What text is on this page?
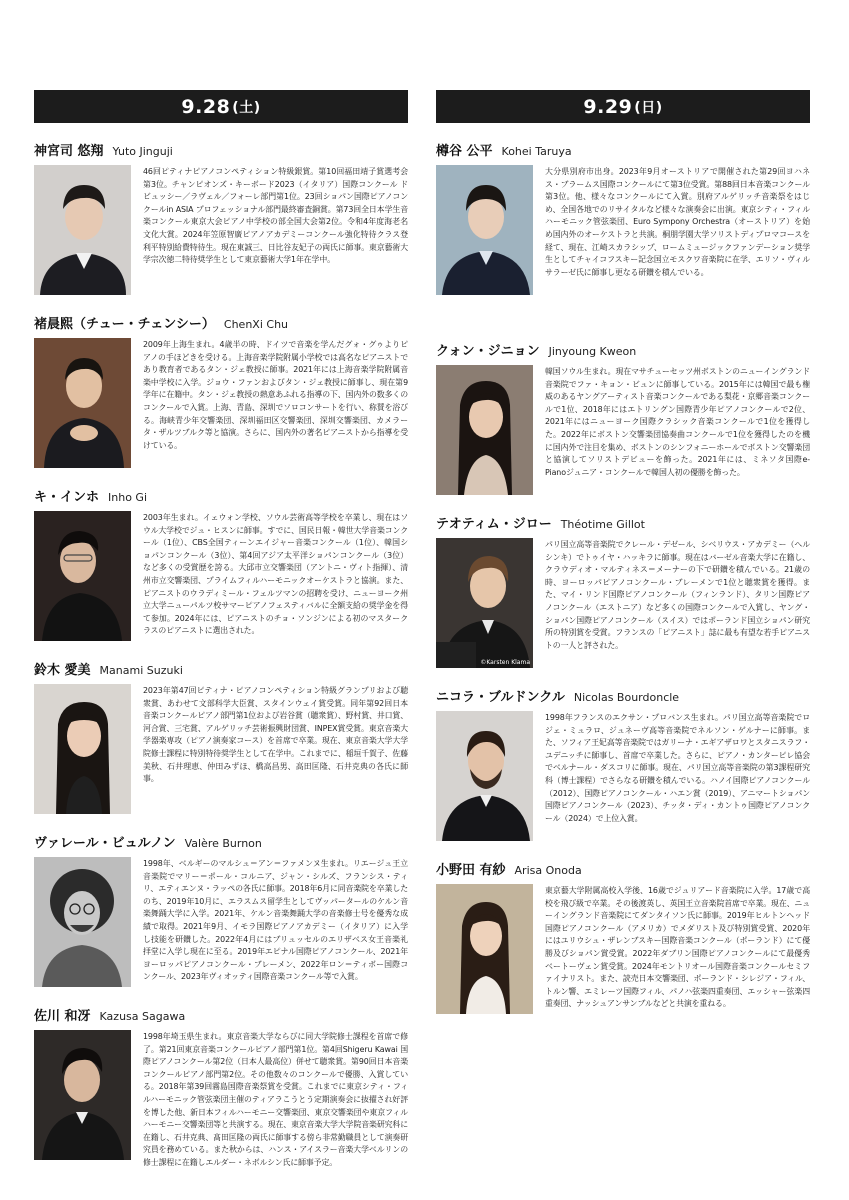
9.28 (土)
神宮司 悠翔 Yuto Jinguji
46回ピティナピアノコンペティション特級銀賞。第10回福田靖子賞選考会第3位。チャンピオンズ・キーボード2023（イタリア）国際コンクール ドビュッシー／ラヴェル／フォーレ部門第1位。23回ショパン国際ピアノコンクールin ASIA プロフェッショナル部門最終審査銅賞。第73回全日本学生音楽コンクール東京大会ピアノ中学校の部全国大会第2位。令和4年度海老名文化大賞。2024年笠原智廣ピアノアカデミーコンクール強化特待クラス登利平特別給費特待生。現在東誠三、日比谷友妃子の両氏に師事。東京藝術大学宗次徳二特待奨学生として東京藝術大学1年在学中。
褚晨熙（チュー・チェンシー） ChenXi Chu
2009年上海生まれ。4歳半の時、ドイツで音楽を学んだグォ・グゥよりピアノの手ほどきを受ける。上海音楽学院附属小学校では高名なピアニストであり教育者であるタン・ジェ教授に師事。2021年には上海音楽学院附属音楽中学校に入学。ジョウ・ファンおよびタン・ジェ教授に師事し、現在第9学年に在籍中。タン・ジェ教授の熱意あふれる指導の下、国内外の数多くのコンクールで入賞。上海、青島、深圳でソロコンサートを行い、称賛を浴びる。海峡青少年交響楽団、深圳福田区交響楽団、深圳交響楽団、カメラータ・ザルツブルク等と協演。さらに、国内外の著名ピアニストから指導を受けている。
キ・インホ Inho Gi
2003年生まれ。イェウォン学校、ソウル芸術高等学校を卒業し、現在はソウル大学校でジュ・ヒスンに師事。すでに、国民日報・韓世大学音楽コンクール（1位）、CBS全国ティーンエイジャー音楽コンクール（1位）、韓国ショパンコンクール（3位）、第4回アジア太平洋ショパンコンクール（3位）など多くの受賞歴を誇る。大邱市立交響楽団（アントニ・ヴィト指揮）、清州市立交響楽団、プライムフィルハーモニックオーケストラと協演。また、ピアニストのウラディミール・フェルツマンの招聘を受け、ニューヨーク州立大学ニューパルツ校サマーピアノフェスティバルに全額支給の奨学金を得て参加。2024年には、ピアニストのチョ・ソンジンによる初のマスタークラスのピアニストに選出された。
鈴木 愛美 Manami Suzuki
2023年第47回ピティナ・ピアノコンペティション特級グランプリおよび聴衆賞、あわせて文部科学大臣賞、スタインウェイ賞受賞。同年第92回日本音楽コンクールピアノ部門第1位および岩谷賞（聴衆賞）、野村賞、井口賞、河合賞、三宅賞、アルゲリッチ芸術振興財団賞、INPEX賞受賞。東京音楽大学器楽専攻（ピアノ演奏家コース）を首席で卒業。現在、東京音楽大学大学院修士課程に特別特待奨学生として在学中。これまでに、稲垣千賀子、佐藤美秋、石井理恵、仲田みずほ、橋高昌男、高田匡隆、石井克典の各氏に師事。
ヴァレール・ビュルノン Valère Burnon
1998年、ベルギーのマルシュ＝アン＝ファメンヌ生まれ。リエージュ王立音楽院でマリー＝ポール・コルニア、ジャン・シルズ、フランシス・ティリ、エティエンヌ・ラッペの各氏に師事。2018年6月に同音楽院を卒業したのち、2019年10月に、エラスムス留学生としてヴッパータールのケルン音楽舞踊大学に入学。2021年、ケルン音楽舞踊大学の音楽修士号を優秀な成績で取得。2021年9月、イモラ国際ピアノアカデミー（イタリア）に入学し技能を研鑽した。2022年4月にはブリュッセルのエリザベス女王音楽礼拝堂に入学し現在に至る。2019年エピナル国際ピアノコンクール、2021年ヨーロッパピアノコンクール・ブレーメン、2022年ロン＝ティボー国際コンクール、2023年ヴィオッティ国際音楽コンクール等で入賞。
佐川 和冴 Kazusa Sagawa
1998年埼玉県生まれ。東京音楽大学ならびに同大学院修士課程を首席で修了。第21回東京音楽コンクールピアノ部門第1位。第4回Shigeru Kawai 国際ピアノコンクール第2位（日本人最高位）併せて聴衆賞。第90回日本音楽コンクールピアノ部門第2位。その他数々のコンクールで優勝、入賞している。2018年第39回霧島国際音楽祭賞を受賞。これまでに東京シティ・フィルハーモニック管弦楽団主催のティアラこうとう定期演奏会に抜擢され好評を博した他、新日本フィルハーモニー交響楽団、東京交響楽団や東京フィルハーモニー交響楽団等と共演する。現在、東京音楽大学大学院音楽研究科に在籍し、石井克典、髙田匡隆の両氏に師事する傍ら非常勤職員として演奏研究員を務めている。また秋からは、ハンス・アイスラー音楽大学ベルリンの修士課程に在籍しエルダー・ネボルシン氏に師事予定。
9.29 (日)
樽谷 公平 Kohei Taruya
大分県別府市出身。2023年9月オーストリアで開催された第29回ヨハネス・ブラームス国際コンクールにて第3位受賞。第88回日本音楽コンクール第3位。他、様々なコンクールにて入賞。別府アルゲリッチ音楽祭をはじめ、全国各地でのリサイタルなど様々な演奏会に出演。東京シティ・フィルハーモニック管弦楽団、Euro Sympony Orchestra（オーストリア）を始め国内外のオーケストラと共演。桐朋学園大学ソリストディプロマコースを経て、現在、江崎スカラシップ、ロームミュージックファンデーション奨学生としてチャイコフスキー記念国立モスクワ音楽院に在学、エリソ・ヴィルサラーゼ氏に師事し更なる研鑽を積んでいる。
クォン・ジニョン Jinyoung Kweon
韓国ソウル生まれ。現在マサチューセッツ州ボストンのニューイングランド音楽院でファ・キョン・ビュンに師事している。2015年には韓国で最も権威のあるヤングアーティスト音楽コンクールである梨花・京郷音楽コンクールで1位、2018年にはエトリングン国際青少年ピアノコンクールで2位、2021年にはニューヨーク国際クラシック音楽コンクールで1位を獲得した。2022年にボストン交響楽団協奏曲コンクールで1位を獲得したのを機に国内外で注目を集め、ボストンのシンフォニーホールでボストン交響楽団と協演してソリストデビューを飾った。2021年には、ミネソタ国際e-Pianoジュニア・コンクールで韓国人初の優勝を飾った。
テオティム・ジロー Théotime Gillot
©Karsten Klama
パリ国立高等音楽院でクレール・デゼール、シベリウス・アカデミー（ヘルシンキ）でトゥイヤ・ハッキラに師事。現在はバーゼル音楽大学に在籍し、クラウディオ・マルティネス＝メーナーの下で研鑽を積んでいる。21歳の時、ヨーロッパピアノコンクール・ブレーメンで1位と聴衆賞を獲得。また、マイ・リンド国際ピアノコンクール（フィンランド）、タリン国際ピアノコンクール（エストニア）など多くの国際コンクールで入賞し、ヤング・ショパン国際ピアノコンクール（スイス）ではポーランド国立ショパン研究所の特別賞を受賞。フランスの「ピアニスト」誌に最も有望な若手ピアニストの一人と評された。
ニコラ・ブルドンクル Nicolas Bourdoncle
1998年フランスのエクサン・プロバンス生まれ。パリ国立高等音楽院でロジェ・ミュラロ、ジュネーヴ高等音楽院でネルソン・ゲルナーに師事。また、ソフィア王妃高等音楽院ではガリーナ・エギアザロワとスタニスラフ・ユデニッチに師事し、首席で卒業した。さらに、ピアノ・カンターピレ協会でベルナール・ダスコリに師事。現在、パリ国立高等音楽院の第3課程研究科（博士課程）でさらなる研鑽を積んでいる。ハノイ国際ピアノコンクール（2012）、国際ピアノコンクール・ハエン賞（2019）、アニマートショパン国際ピアノコンクール（2023）、チッタ・ディ・カントゥ国際ピアノコンクール（2024）で上位入賞。
小野田 有紗 Arisa Onoda
東京藝大学附属高校入学後、16歳でジュリアード音楽院に入学。17歳で高校を飛び級で卒業。その後渡英し、英国王立音楽院首席で卒業。現在、ニューイングランド音楽院にてダンタイソン氏に師事。2019年ヒルトンヘッド国際ピアノコンクール（アメリカ）でメダリスト及び特別賞受賞、2020年にはユリウシュ・ザレンブスキー国際音楽コンクール（ポーランド）にて優勝及びショパン賞受賞。2022年ダブリン国際ピアノコンクールにて最優秀ベートーヴェン賞受賞。2024年モントリオール国際音楽コンクールセミファイナリスト。また、読売日本交響楽団、ポーランド・シレジア・フィル、トルン響、エミレーツ国際フィル、パノハ弦楽四重奏団、エッシャー弦楽四重奏団、ナッシュアンサンブルなどと共演を重ねる。
